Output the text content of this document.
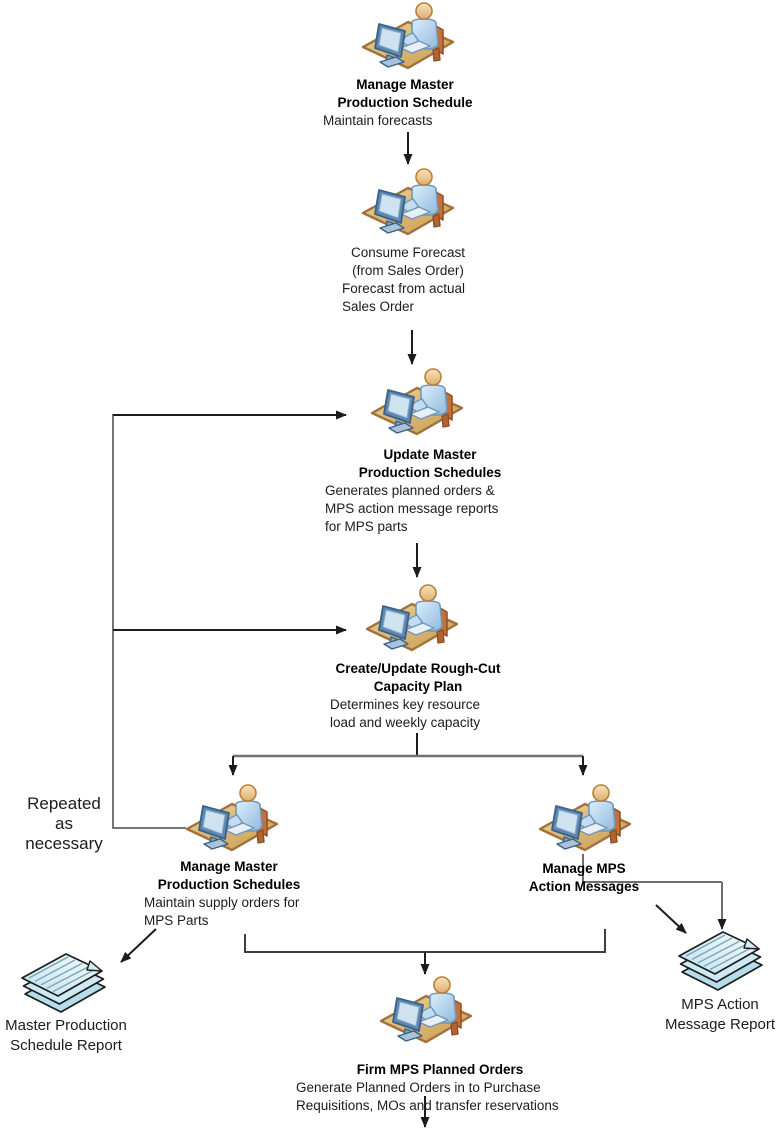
Manage Master
Production Schedule
Maintain forecasts
Consume Forecast
(from Sales Order)
Forecast from actual
Sales Order
Update Master
Production Schedules
Generates planned orders &
MPS action message reports
for MPS parts
Create/Update Rough-Cut
Capacity Plan
Determines key resource
load and weekly capacity
Manage Master
Production Schedules
Maintain supply orders for
MPS Parts
Manage MPS
Action Messages
Firm MPS Planned Orders
Generate Planned Orders in to Purchase
Requisitions, MOs and transfer reservations
Master Production
Schedule Report
MPS Action
Message Report
Repeated
as
necessary
